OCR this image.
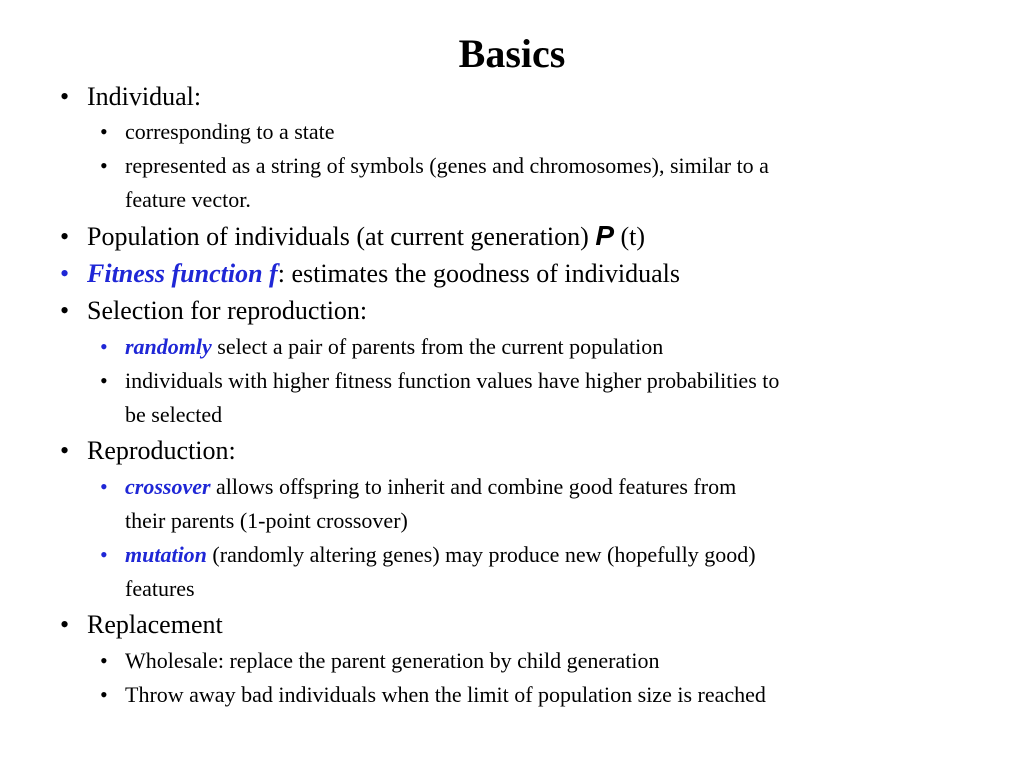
Basics
• Individual:
• corresponding to a state
• represented as a string of symbols (genes and chromosomes), similar to a
feature vector.
• Population of individuals (at current generation) P (t)
• Fitness function f: estimates the goodness of individuals
• Selection for reproduction:
• randomly select a pair of parents from the current population
• individuals with higher fitness function values have higher probabilities to
be selected
• Reproduction:
• crossover allows offspring to inherit and combine good features from
their parents (1-point crossover)
• mutation (randomly altering genes) may produce new (hopefully good)
features
• Replacement
• Wholesale: replace the parent generation by child generation
• Throw away bad individuals when the limit of population size is reached
